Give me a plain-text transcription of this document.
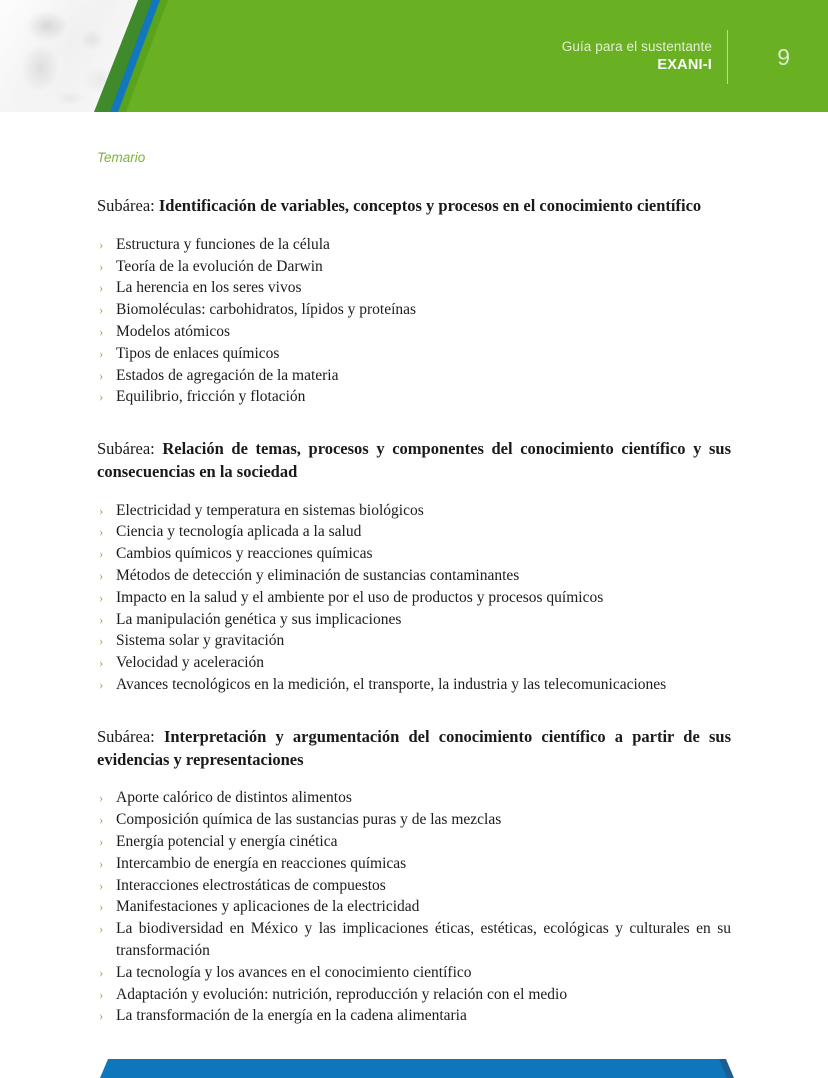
Guía para el sustentante
EXANI-I	9
Temario
Subárea: Identificación de variables, conceptos y procesos en el conocimiento científico
› Estructura y funciones de la célula
› Teoría de la evolución de Darwin
› La herencia en los seres vivos
› Biomoléculas: carbohidratos, lípidos y proteínas
› Modelos atómicos
› Tipos de enlaces químicos
› Estados de agregación de la materia
› Equilibrio, fricción y flotación
Subárea: Relación de temas, procesos y componentes del conocimiento científico y sus consecuencias en la sociedad
› Electricidad y temperatura en sistemas biológicos
› Ciencia y tecnología aplicada a la salud
› Cambios químicos y reacciones químicas
› Métodos de detección y eliminación de sustancias contaminantes
› Impacto en la salud y el ambiente por el uso de productos y procesos químicos
› La manipulación genética y sus implicaciones
› Sistema solar y gravitación
› Velocidad y aceleración
› Avances tecnológicos en la medición, el transporte, la industria y las telecomunicaciones
Subárea: Interpretación y argumentación del conocimiento científico a partir de sus evidencias y representaciones
› Aporte calórico de distintos alimentos
› Composición química de las sustancias puras y de las mezclas
› Energía potencial y energía cinética
› Intercambio de energía en reacciones químicas
› Interacciones electrostáticas de compuestos
› Manifestaciones y aplicaciones de la electricidad
› La biodiversidad en México y las implicaciones éticas, estéticas, ecológicas y culturales en su transformación
› La tecnología y los avances en el conocimiento científico
› Adaptación y evolución: nutrición, reproducción y relación con el medio
› La transformación de la energía en la cadena alimentaria
